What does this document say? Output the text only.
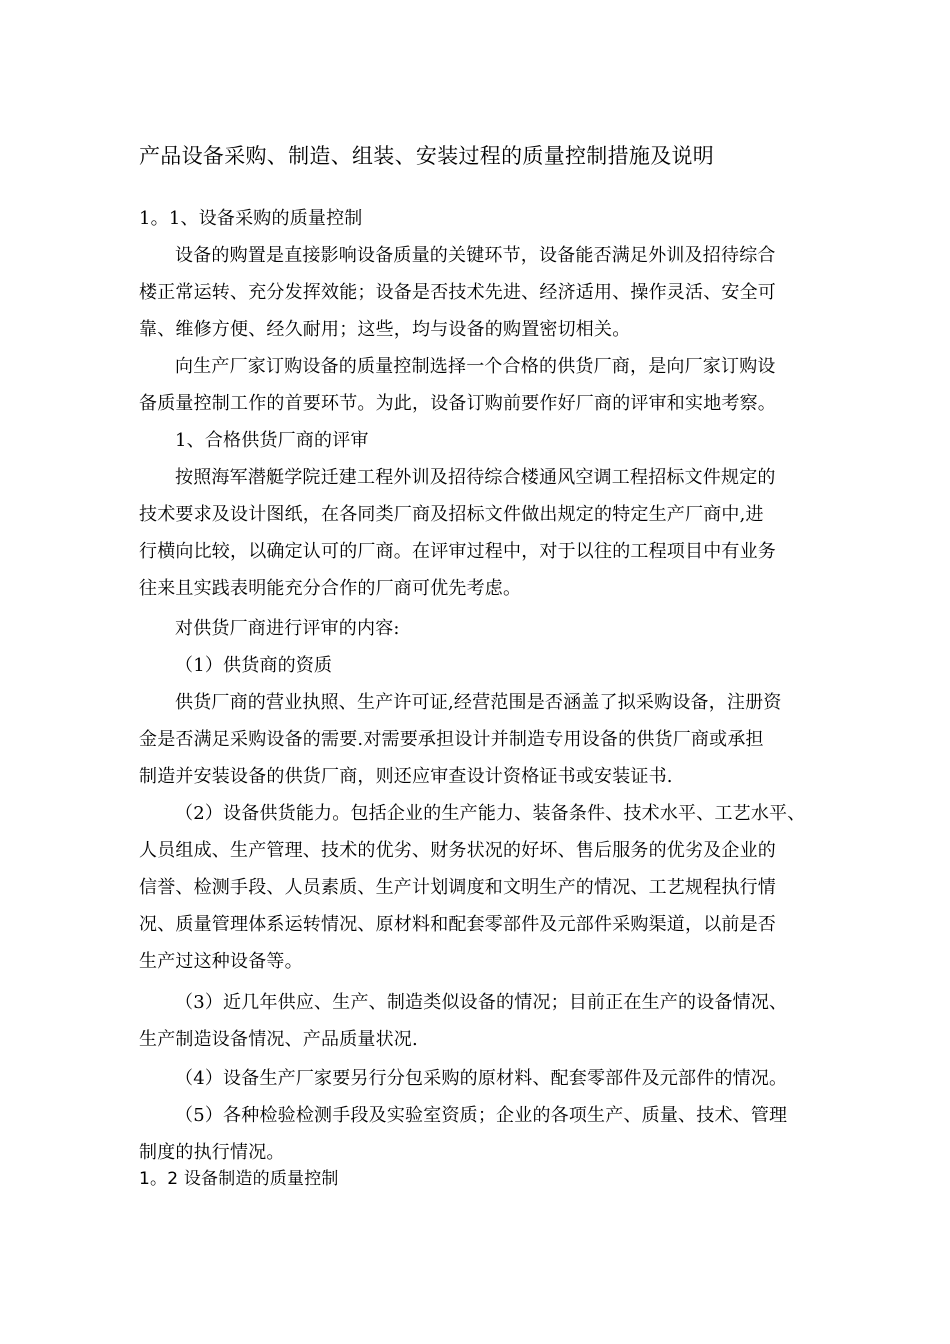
产品设备采购、制造、组装、安装过程的质量控制措施及说明
1。1、设备采购的质量控制
设备的购置是直接影响设备质量的关键环节，设备能否满足外训及招待综合
楼正常运转、充分发挥效能；设备是否技术先进、经济适用、操作灵活、安全可
靠、维修方便、经久耐用；这些，均与设备的购置密切相关。
向生产厂家订购设备的质量控制选择一个合格的供货厂商，是向厂家订购设
备质量控制工作的首要环节。为此，设备订购前要作好厂商的评审和实地考察。
1、合格供货厂商的评审
按照海军潜艇学院迁建工程外训及招待综合楼通风空调工程招标文件规定的
技术要求及设计图纸，在各同类厂商及招标文件做出规定的特定生产厂商中,进
行横向比较，以确定认可的厂商。在评审过程中，对于以往的工程项目中有业务
往来且实践表明能充分合作的厂商可优先考虑。
对供货厂商进行评审的内容:
（1）供货商的资质
供货厂商的营业执照、生产许可证,经营范围是否涵盖了拟采购设备，注册资
金是否满足采购设备的需要.对需要承担设计并制造专用设备的供货厂商或承担
制造并安装设备的供货厂商，则还应审查设计资格证书或安装证书.
（2）设备供货能力。包括企业的生产能力、装备条件、技术水平、工艺水平、
人员组成、生产管理、技术的优劣、财务状况的好坏、售后服务的优劣及企业的
信誉、检测手段、人员素质、生产计划调度和文明生产的情况、工艺规程执行情
况、质量管理体系运转情况、原材料和配套零部件及元部件采购渠道，以前是否
生产过这种设备等。
（3）近几年供应、生产、制造类似设备的情况；目前正在生产的设备情况、
生产制造设备情况、产品质量状况.
（4）设备生产厂家要另行分包采购的原材料、配套零部件及元部件的情况。
（5）各种检验检测手段及实验室资质；企业的各项生产、质量、技术、管理
制度的执行情况。
1。2 设备制造的质量控制
